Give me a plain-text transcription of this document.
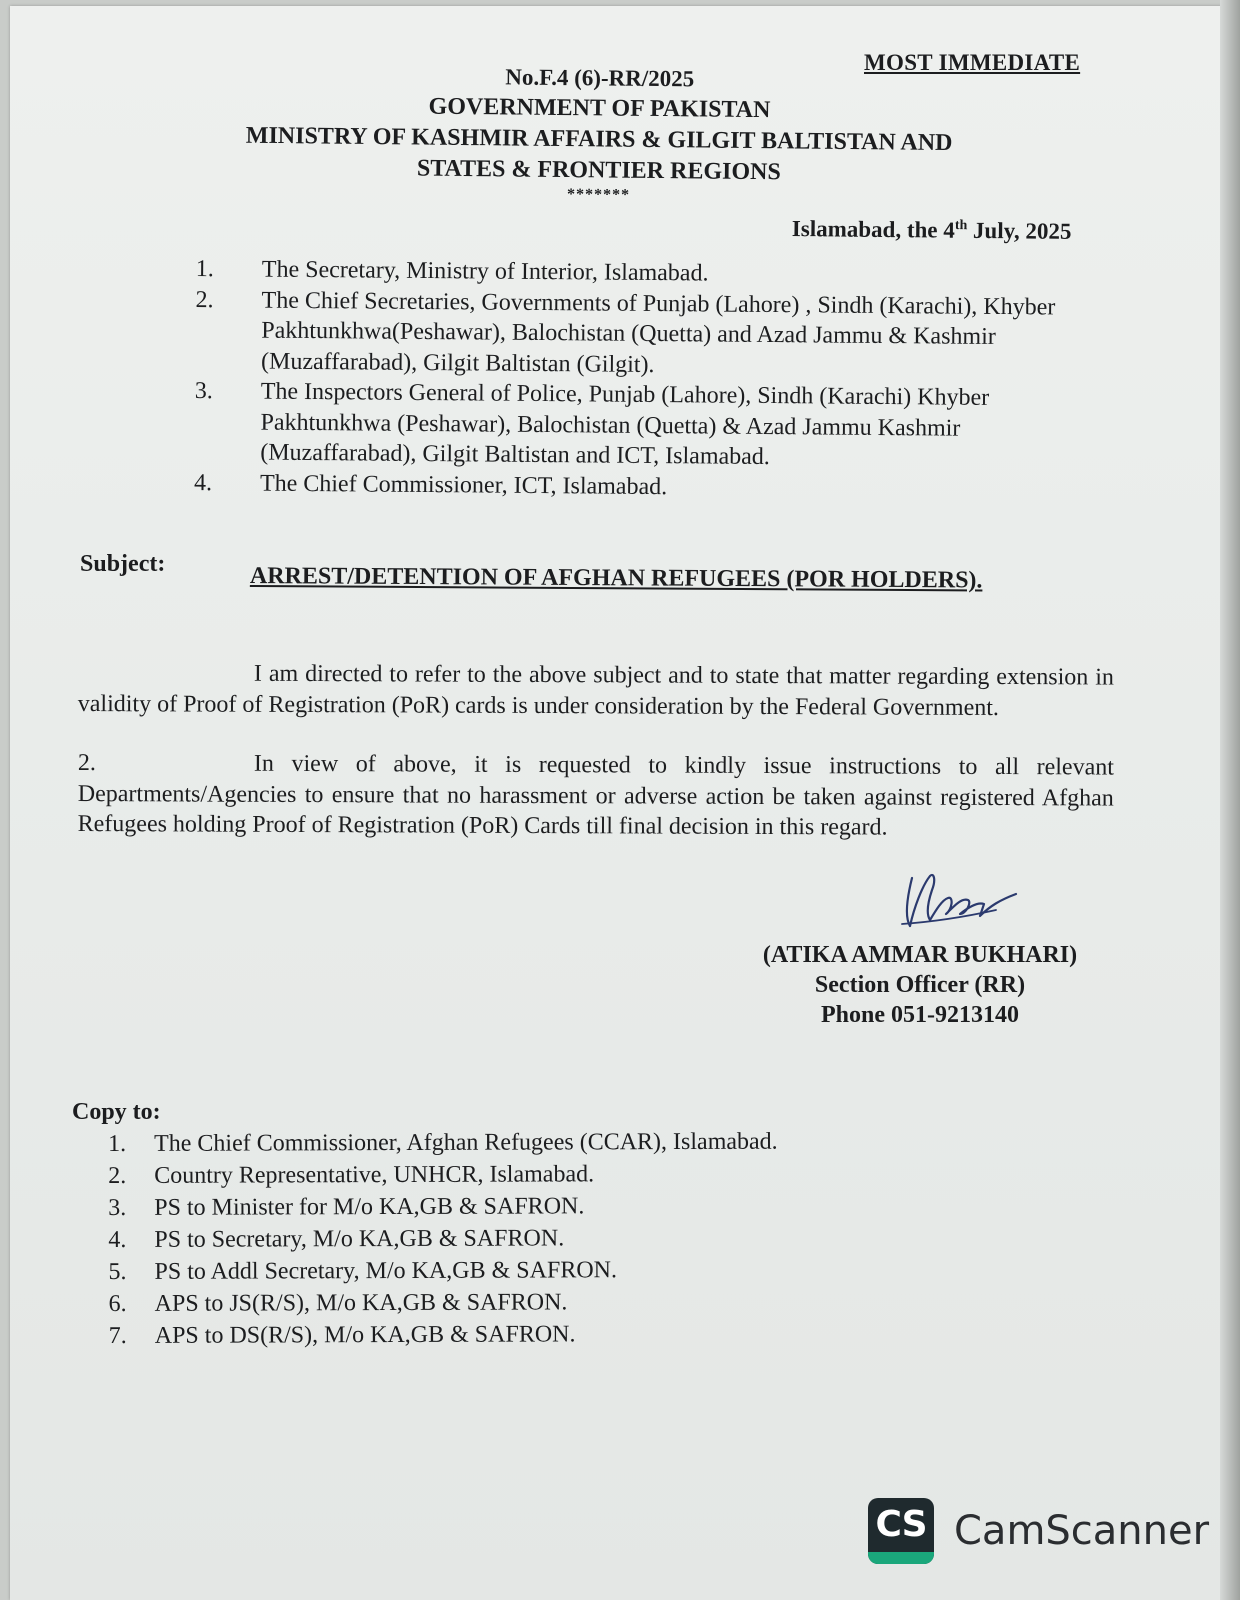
MOST IMMEDIATE
No.F.4 (6)-RR/2025
GOVERNMENT OF PAKISTAN
MINISTRY OF KASHMIR AFFAIRS & GILGIT BALTISTAN AND
STATES & FRONTIER REGIONS
*******
Islamabad, the 4th July, 2025
1.	The Secretary, Ministry of Interior, Islamabad.
2.	The Chief Secretaries, Governments of Punjab (Lahore) , Sindh (Karachi), Khyber Pakhtunkhwa(Peshawar), Balochistan (Quetta) and Azad Jammu & Kashmir (Muzaffarabad), Gilgit Baltistan (Gilgit).
3.	The Inspectors General of Police, Punjab (Lahore), Sindh (Karachi) Khyber Pakhtunkhwa (Peshawar), Balochistan (Quetta) & Azad Jammu Kashmir (Muzaffarabad), Gilgit Baltistan and ICT, Islamabad.
4.	The Chief Commissioner, ICT, Islamabad.
Subject:	ARREST/DETENTION OF AFGHAN REFUGEES (POR HOLDERS).
I am directed to refer to the above subject and to state that matter regarding extension in validity of Proof of Registration (PoR) cards is under consideration by the Federal Government.
2.	In view of above, it is requested to kindly issue instructions to all relevant Departments/Agencies to ensure that no harassment or adverse action be taken against registered Afghan Refugees holding Proof of Registration (PoR) Cards till final decision in this regard.
(ATIKA AMMAR BUKHARI)
Section Officer (RR)
Phone 051-9213140
Copy to:
1.	The Chief Commissioner, Afghan Refugees (CCAR), Islamabad.
2.	Country Representative, UNHCR, Islamabad.
3.	PS to Minister for M/o KA,GB & SAFRON.
4.	PS to Secretary, M/o KA,GB & SAFRON.
5.	PS to Addl Secretary, M/o KA,GB & SAFRON.
6.	APS to JS(R/S), M/o KA,GB & SAFRON.
7.	APS to DS(R/S), M/o KA,GB & SAFRON.
CS CamScanner
